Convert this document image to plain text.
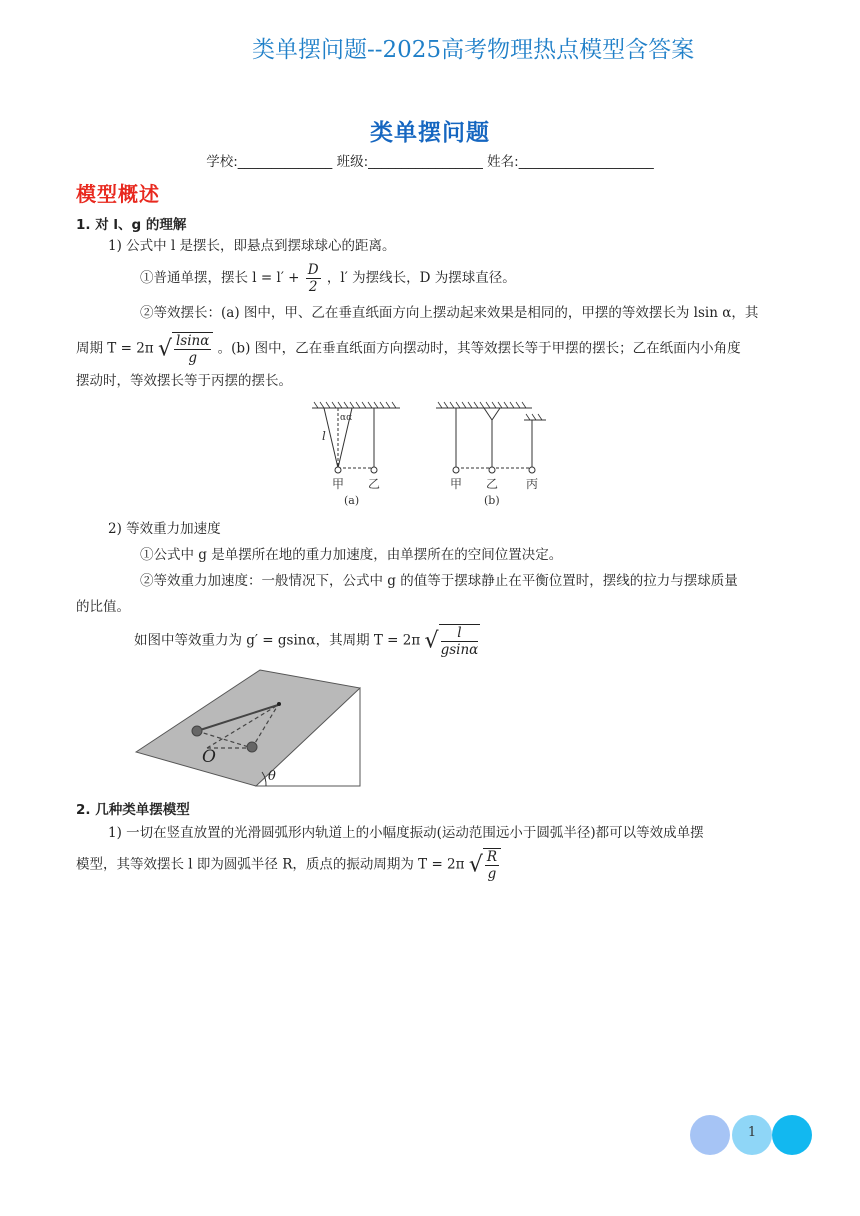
类单摆问题--2025高考物理热点模型含答案
类单摆问题
学校:______________ 班级:_________________ 姓名:____________________
模型概述
1. 对 l、g 的理解
1) 公式中 l 是摆长，即悬点到摆球球心的距离。
①普通单摆，摆长 $l = l' + \frac{D}{2}$ ，l′ 为摆线长，D 为摆球直径。
②等效摆长：(a) 图中，甲、乙在垂直纸面方向上摆动起来效果是相同的，甲摆的等效摆长为 lsin α，其
周期 T = 2π √ $\frac{lsin\alpha}{g}$ 。(b) 图中，乙在垂直纸面方向摆动时，其等效摆长等于甲摆的摆长；乙在纸面内小角度
摆动时，等效摆长等于丙摆的摆长。
αα
l
甲 乙
(a)
甲 乙 丙
(b)
2) 等效重力加速度
①公式中 g 是单摆所在地的重力加速度，由单摆所在的空间位置决定。
②等效重力加速度：一般情况下，公式中 g 的值等于摆球静止在平衡位置时，摆线的拉力与摆球质量
的比值。
如图中等效重力为 g′ = gsinα，其周期 T = 2π √ $\frac{l}{gsin\alpha}$
O
θ
2. 几种类单摆模型
1) 一切在竖直放置的光滑圆弧形内轨道上的小幅度振动(运动范围远小于圆弧半径)都可以等效成单摆
模型，其等效摆长 l 即为圆弧半径 R，质点的振动周期为 T = 2π √ $\frac{R}{g}$
1
